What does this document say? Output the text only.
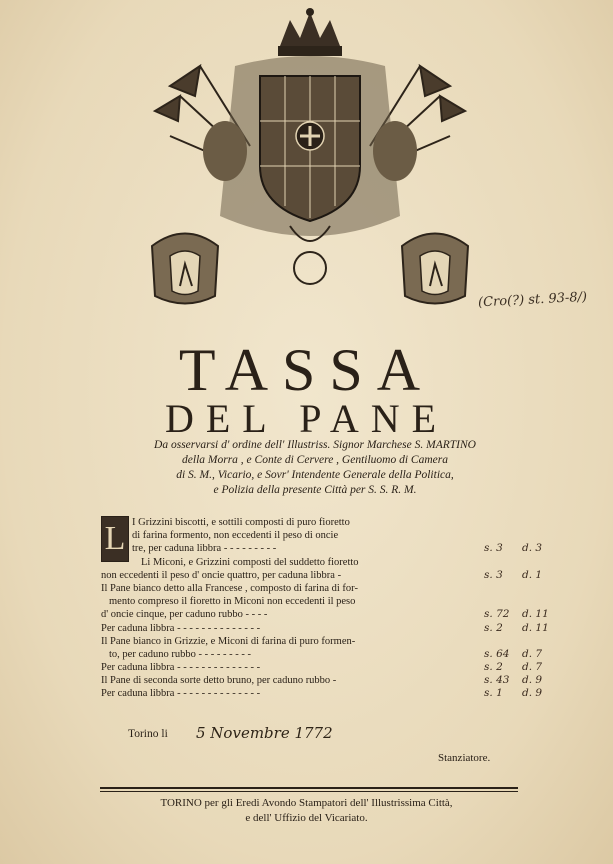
(Cro(?) st. 93-8/)
TASSA
DEL PANE
Da osservarsi d' ordine dell' Illustriss. Signor Marchese S. MARTINO
della Morra , e Conte di Cervere , Gentiluomo di Camera
di S. M., Vicario, e Sovr' Intendente Generale della Politica,
e Polizia della presente Città per S. S. R. M.
L I Grizzini biscotti, e sottili composti di puro fioretto
di farina formento, non eccedenti il peso di oncie
tre, per caduna libbra - - - - - - - - -	s. 3 d. 3
Li Miconi, e Grizzini composti del suddetto fioretto
non eccedenti il peso d' oncie quattro, per caduna libbra -	s. 3 d. 1
Il Pane bianco detto alla Francese , composto di farina di for-
mento compreso il fioretto in Miconi non eccedenti il peso
d' oncie cinque, per caduno rubbo - - - -	s. 72 d. 11
Per caduna libbra - - - - - - - - - - - - - -	s. 2 d. 11
Il Pane bianco in Grizzie, e Miconi di farina di puro formen-
to, per caduno rubbo - - - - - - - - -	s. 64 d. 7
Per caduna libbra - - - - - - - - - - - - - -	s. 2 d. 7
Il Pane di seconda sorte detto bruno, per caduno rubbo -	s. 43 d. 9
Per caduna libbra - - - - - - - - - - - - - -	s. 1 d. 9
Torino li 5 Novembre 1772
Stanziatore.
TORINO per gli Eredi Avondo Stampatori dell' Illustrissima Città,
e dell' Uffizio del Vicariato.
